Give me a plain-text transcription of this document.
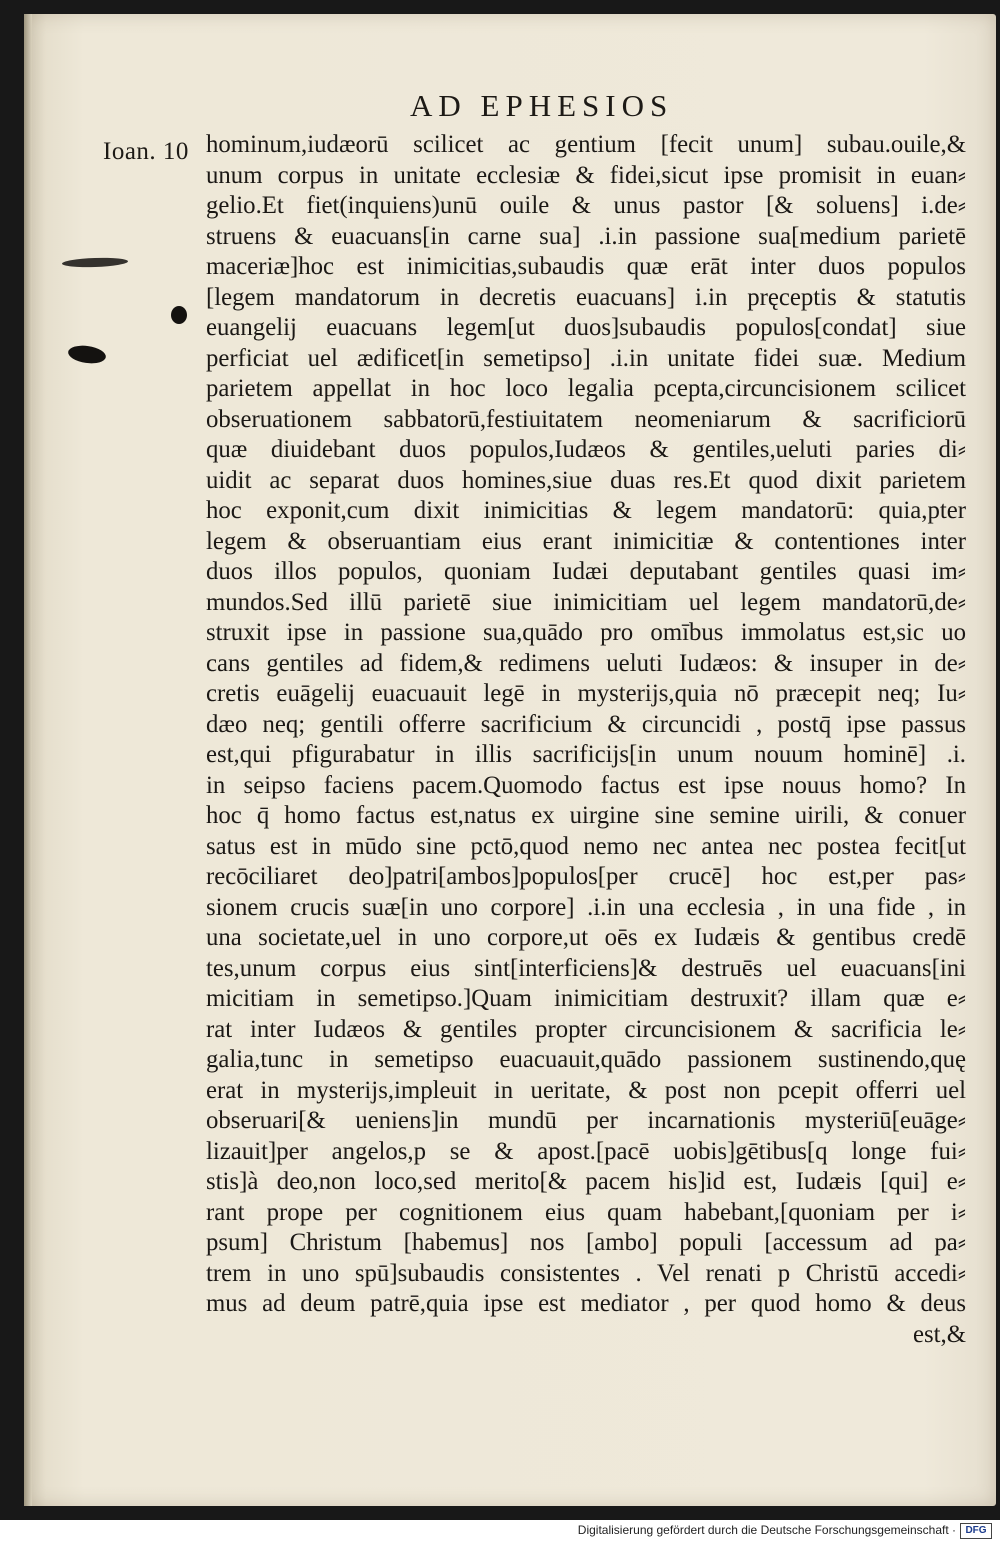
AD EPHESIOS
Ioan. 10 hominum,iudæorū scilicet ac gentium [fecit unum] subau.ouile,&
unum corpus in unitate ecclesiæ & fidei,sicut ipse promisit in euan⸗
gelio.Et fiet(inquiens)unū ouile & unus pastor [& soluens] i.de⸗
struens & euacuans[in carne sua] .i.in passione sua[medium parietē
maceriæ]hoc est inimicitias,subaudis quæ erāt inter duos populos
[legem mandatorum in decretis euacuans] i.in pręceptis & statutis
euangelij euacuans legem[ut duos]subaudis populos[condat] siue
perficiat uel ædificet[in semetipso] .i.in unitate fidei suæ. Medium
parietem appellat in hoc loco legalia pcepta,circuncisionem scilicet
obseruationem sabbatorū,festiuitatem neomeniarum & sacrificiorū
quæ diuidebant duos populos,Iudæos & gentiles,ueluti paries di⸗
uidit ac separat duos homines,siue duas res.Et quod dixit parietem
hoc exponit,cum dixit inimicitias & legem mandatorū: quia,pter
legem & obseruantiam eius erant inimicitiæ & contentiones inter
duos illos populos, quoniam Iudæi deputabant gentiles quasi im⸗
mundos.Sed illū parietē siue inimicitiam uel legem mandatorū,de⸗
struxit ipse in passione sua,quādo pro omībus immolatus est,sic uo
cans gentiles ad fidem,& redimens ueluti Iudæos: & insuper in de⸗
cretis euāgelij euacuauit legē in mysterijs,quia nō præcepit neq; Iu⸗
dæo neq; gentili offerre sacrificium & circuncidi , postq̄ ipse passus
est,qui pfigurabatur in illis sacrificijs[in unum nouum hominē] .i.
in seipso faciens pacem.Quomodo factus est ipse nouus homo? In
hoc q̄ homo factus est,natus ex uirgine sine semine uirili, & conuer
satus est in mūdo sine pctō,quod nemo nec antea nec postea fecit[ut
recōciliaret deo]patri[ambos]populos[per crucē] hoc est,per pas⸗
sionem crucis suæ[in uno corpore] .i.in una ecclesia , in una fide , in
una societate,uel in uno corpore,ut oēs ex Iudæis & gentibus credē
tes,unum corpus eius sint[interficiens]& destruēs uel euacuans[ini
micitiam in semetipso.]Quam inimicitiam destruxit? illam quæ e⸗
rat inter Iudæos & gentiles propter circuncisionem & sacrificia le⸗
galia,tunc in semetipso euacuauit,quādo passionem sustinendo,quę
erat in mysterijs,impleuit in ueritate, & post non pcepit offerri uel
obseruari[& ueniens]in mundū per incarnationis mysteriū[euāge⸗
lizauit]per angelos,p se & apost.[pacē uobis]gētibus[q longe fui⸗
stis]à deo,non loco,sed merito[& pacem his]id est, Iudæis [qui] e⸗
rant prope per cognitionem eius quam habebant,[quoniam per i⸗
psum] Christum [habemus] nos [ambo] populi [accessum ad pa⸗
trem in uno spū]subaudis consistentes . Vel renati p Christū accedi⸗
mus ad deum patrē,quia ipse est mediator , per quod homo & deus
est,&
Digitalisierung gefördert durch die Deutsche Forschungsgemeinschaft · DFG
